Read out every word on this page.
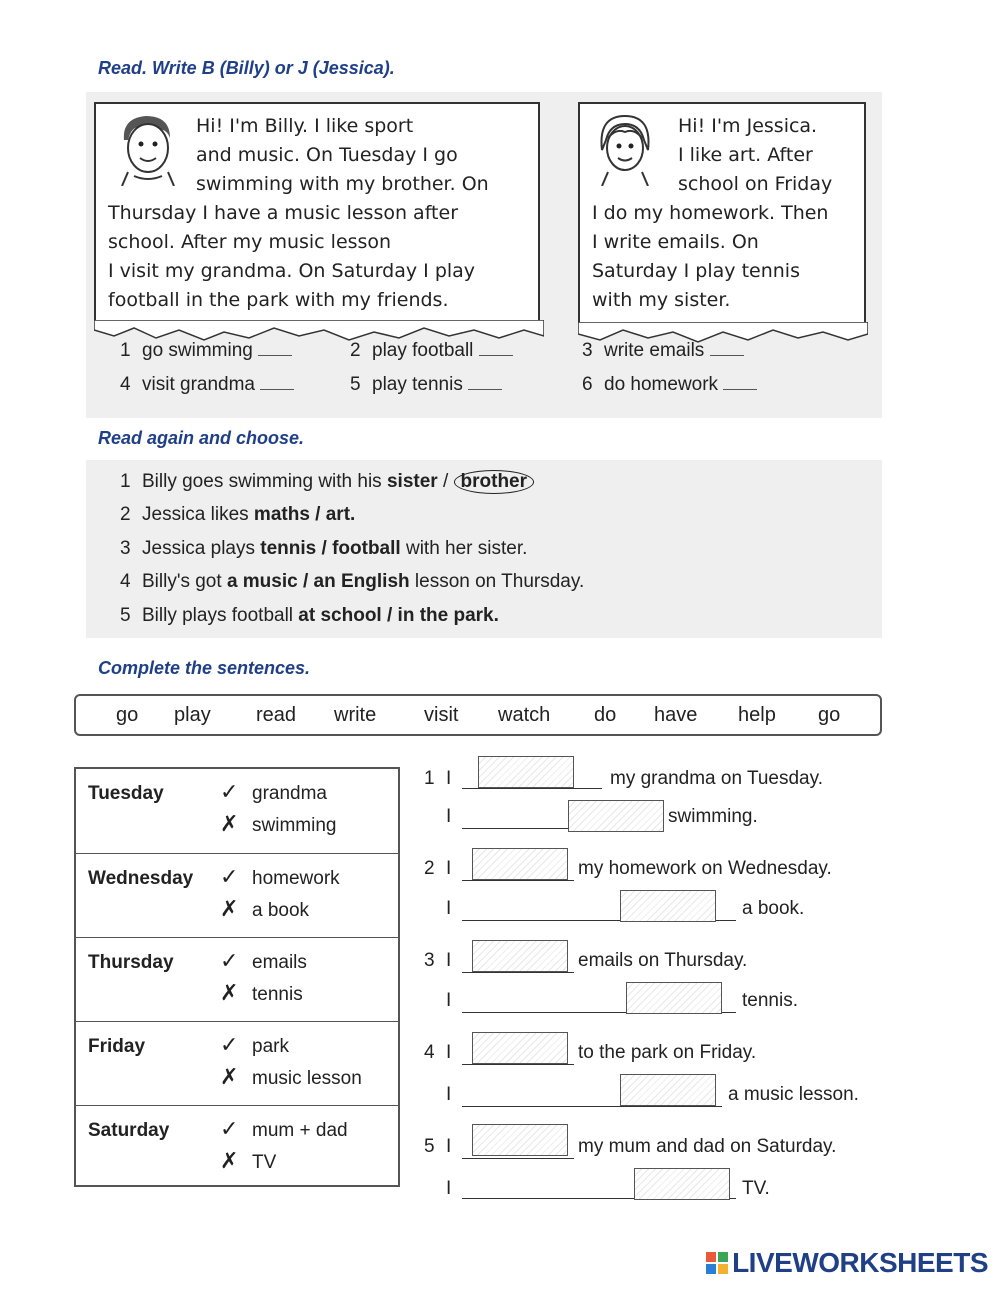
Read. Write B (Billy) or J (Jessica).
Hi! I'm Billy. I like sport
and music. On Tuesday I go
swimming with my brother. On
Thursday I have a music lesson after
school. After my music lesson
I visit my grandma. On Saturday I play
football in the park with my friends.
Hi! I'm Jessica.
I like art. After
school on Friday
I do my homework. Then
I write emails. On
Saturday I play tennis
with my sister.
1 go swimming	2 play football	3 write emails
4 visit grandma	5 play tennis	6 do homework
Read again and choose.
1 Billy goes swimming with his sister / brother
2 Jessica likes maths / art.
3 Jessica plays tennis / football with her sister.
4 Billy's got a music / an English lesson on Thursday.
5 Billy plays football at school / in the park.
Complete the sentences.
go play read write visit watch do have help go
Tuesday	✓ grandma
✗ swimming
Wednesday ✓ homework
✗ a book
Thursday ✓ emails
✗ tennis
Friday	✓ park
✗ music lesson
Saturday ✓ mum + dad
✗ TV
1 I	my grandma on Tuesday.
I	swimming.
2 I	my homework on Wednesday.
I	a book.
3 I	emails on Thursday.
I	tennis.
4 I	to the park on Friday.
I	a music lesson.
5 I	my mum and dad on Saturday.
I	TV.
LIVEWORKSHEETS
